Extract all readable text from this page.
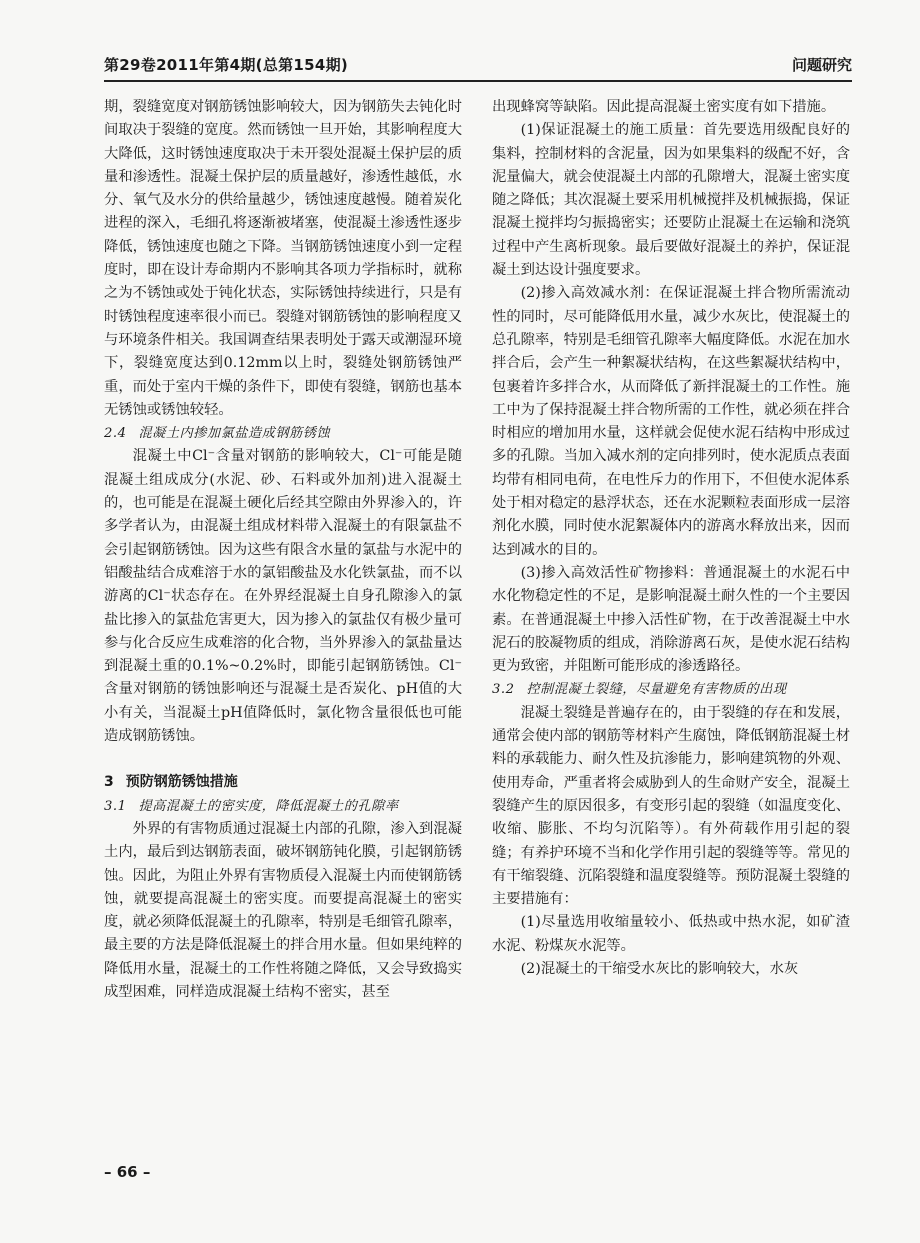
第29卷2011年第4期(总第154期)	问题研究

期，裂缝宽度对钢筋锈蚀影响较大，因为钢筋失去钝化时间取决于裂缝的宽度。然而锈蚀一旦开始，其影响程度大大降低，这时锈蚀速度取决于未开裂处混凝土保护层的质量和渗透性。混凝土保护层的质量越好，渗透性越低，水分、氧气及水分的供给量越少，锈蚀速度越慢。随着炭化进程的深入，毛细孔将逐渐被堵塞，使混凝土渗透性逐步降低，锈蚀速度也随之下降。当钢筋锈蚀速度小到一定程度时，即在设计寿命期内不影响其各项力学指标时，就称之为不锈蚀或处于钝化状态，实际锈蚀持续进行，只是有时锈蚀程度速率很小而已。裂缝对钢筋锈蚀的影响程度又与环境条件相关。我国调查结果表明处于露天或潮湿环境下，裂缝宽度达到0.12mm以上时，裂缝处钢筋锈蚀严重，而处于室内干燥的条件下，即使有裂缝，钢筋也基本无锈蚀或锈蚀较轻。

2.4 混凝土内掺加氯盐造成钢筋锈蚀

混凝土中Cl⁻含量对钢筋的影响较大，Cl⁻可能是随混凝土组成成分(水泥、砂、石料或外加剂)进入混凝土的，也可能是在混凝土硬化后经其空隙由外界渗入的，许多学者认为，由混凝土组成材料带入混凝土的有限氯盐不会引起钢筋锈蚀。因为这些有限含水量的氯盐与水泥中的铝酸盐结合成难溶于水的氯铝酸盐及水化铁氯盐，而不以游离的Cl⁻状态存在。在外界经混凝土自身孔隙渗入的氯盐比掺入的氯盐危害更大，因为掺入的氯盐仅有极少量可参与化合反应生成难溶的化合物，当外界渗入的氯盐量达到混凝土重的0.1%~0.2%时，即能引起钢筋锈蚀。Cl⁻含量对钢筋的锈蚀影响还与混凝土是否炭化、pH值的大小有关，当混凝土pH值降低时，氯化物含量很低也可能造成钢筋锈蚀。

3 预防钢筋锈蚀措施
3.1 提高混凝土的密实度，降低混凝土的孔隙率

外界的有害物质通过混凝土内部的孔隙，渗入到混凝土内，最后到达钢筋表面，破坏钢筋钝化膜，引起钢筋锈蚀。因此，为阻止外界有害物质侵入混凝土内而使钢筋锈蚀，就要提高混凝土的密实度。而要提高混凝土的密实度，就必须降低混凝土的孔隙率，特别是毛细管孔隙率，最主要的方法是降低混凝土的拌合用水量。但如果纯粹的降低用水量，混凝土的工作性将随之降低，又会导致捣实成型困难，同样造成混凝土结构不密实，甚至

出现蜂窝等缺陷。因此提高混凝土密实度有如下措施。

(1)保证混凝土的施工质量：首先要选用级配良好的集料，控制材料的含泥量，因为如果集料的级配不好，含泥量偏大，就会使混凝土内部的孔隙增大，混凝土密实度随之降低；其次混凝土要采用机械搅拌及机械振捣，保证混凝土搅拌均匀振捣密实；还要防止混凝土在运输和浇筑过程中产生离析现象。最后要做好混凝土的养护，保证混凝土到达设计强度要求。

(2)掺入高效减水剂：在保证混凝土拌合物所需流动性的同时，尽可能降低用水量，减少水灰比，使混凝土的总孔隙率，特别是毛细管孔隙率大幅度降低。水泥在加水拌合后，会产生一种絮凝状结构，在这些絮凝状结构中，包裹着许多拌合水，从而降低了新拌混凝土的工作性。施工中为了保持混凝土拌合物所需的工作性，就必须在拌合时相应的增加用水量，这样就会促使水泥石结构中形成过多的孔隙。当加入减水剂的定向排列时，使水泥质点表面均带有相同电荷，在电性斥力的作用下，不但使水泥体系处于相对稳定的悬浮状态，还在水泥颗粒表面形成一层溶剂化水膜，同时使水泥絮凝体内的游离水释放出来，因而达到减水的目的。

(3)掺入高效活性矿物掺料：普通混凝土的水泥石中水化物稳定性的不足，是影响混凝土耐久性的一个主要因素。在普通混凝土中掺入活性矿物，在于改善混凝土中水泥石的胶凝物质的组成，消除游离石灰，是使水泥石结构更为致密，并阻断可能形成的渗透路径。

3.2 控制混凝土裂缝，尽量避免有害物质的出现

混凝土裂缝是普遍存在的，由于裂缝的存在和发展，通常会使内部的钢筋等材料产生腐蚀，降低钢筋混凝土材料的承载能力、耐久性及抗渗能力，影响建筑物的外观、使用寿命，严重者将会威胁到人的生命财产安全，混凝土裂缝产生的原因很多，有变形引起的裂缝（如温度变化、收缩、膨胀、不均匀沉陷等）。有外荷载作用引起的裂缝；有养护环境不当和化学作用引起的裂缝等等。常见的有干缩裂缝、沉陷裂缝和温度裂缝等。预防混凝土裂缝的主要措施有：

(1)尽量选用收缩量较小、低热或中热水泥，如矿渣水泥、粉煤灰水泥等。

(2)混凝土的干缩受水灰比的影响较大，水灰

– 66 –
